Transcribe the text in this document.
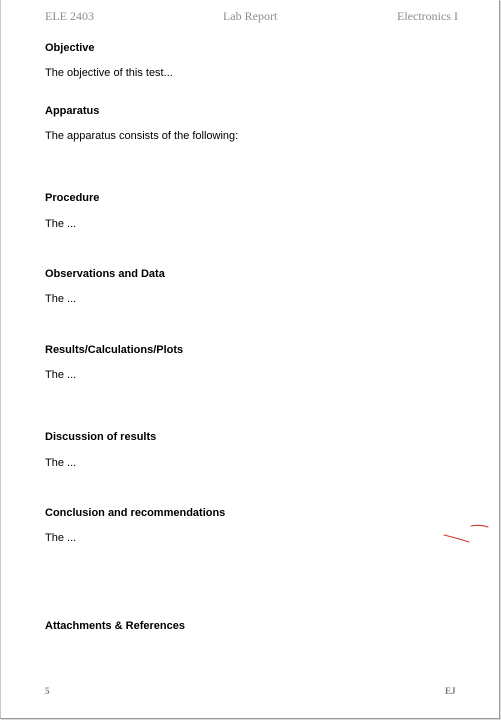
ELE 2403	Lab Report	Electronics I
Objective
The objective of this test...
Apparatus
The apparatus consists of the following:
Procedure
The ...
Observations and Data
The ...
Results/Calculations/Plots
The ...
Discussion of results
The ...
Conclusion and recommendations
The ...
Attachments & References
5	EJ
